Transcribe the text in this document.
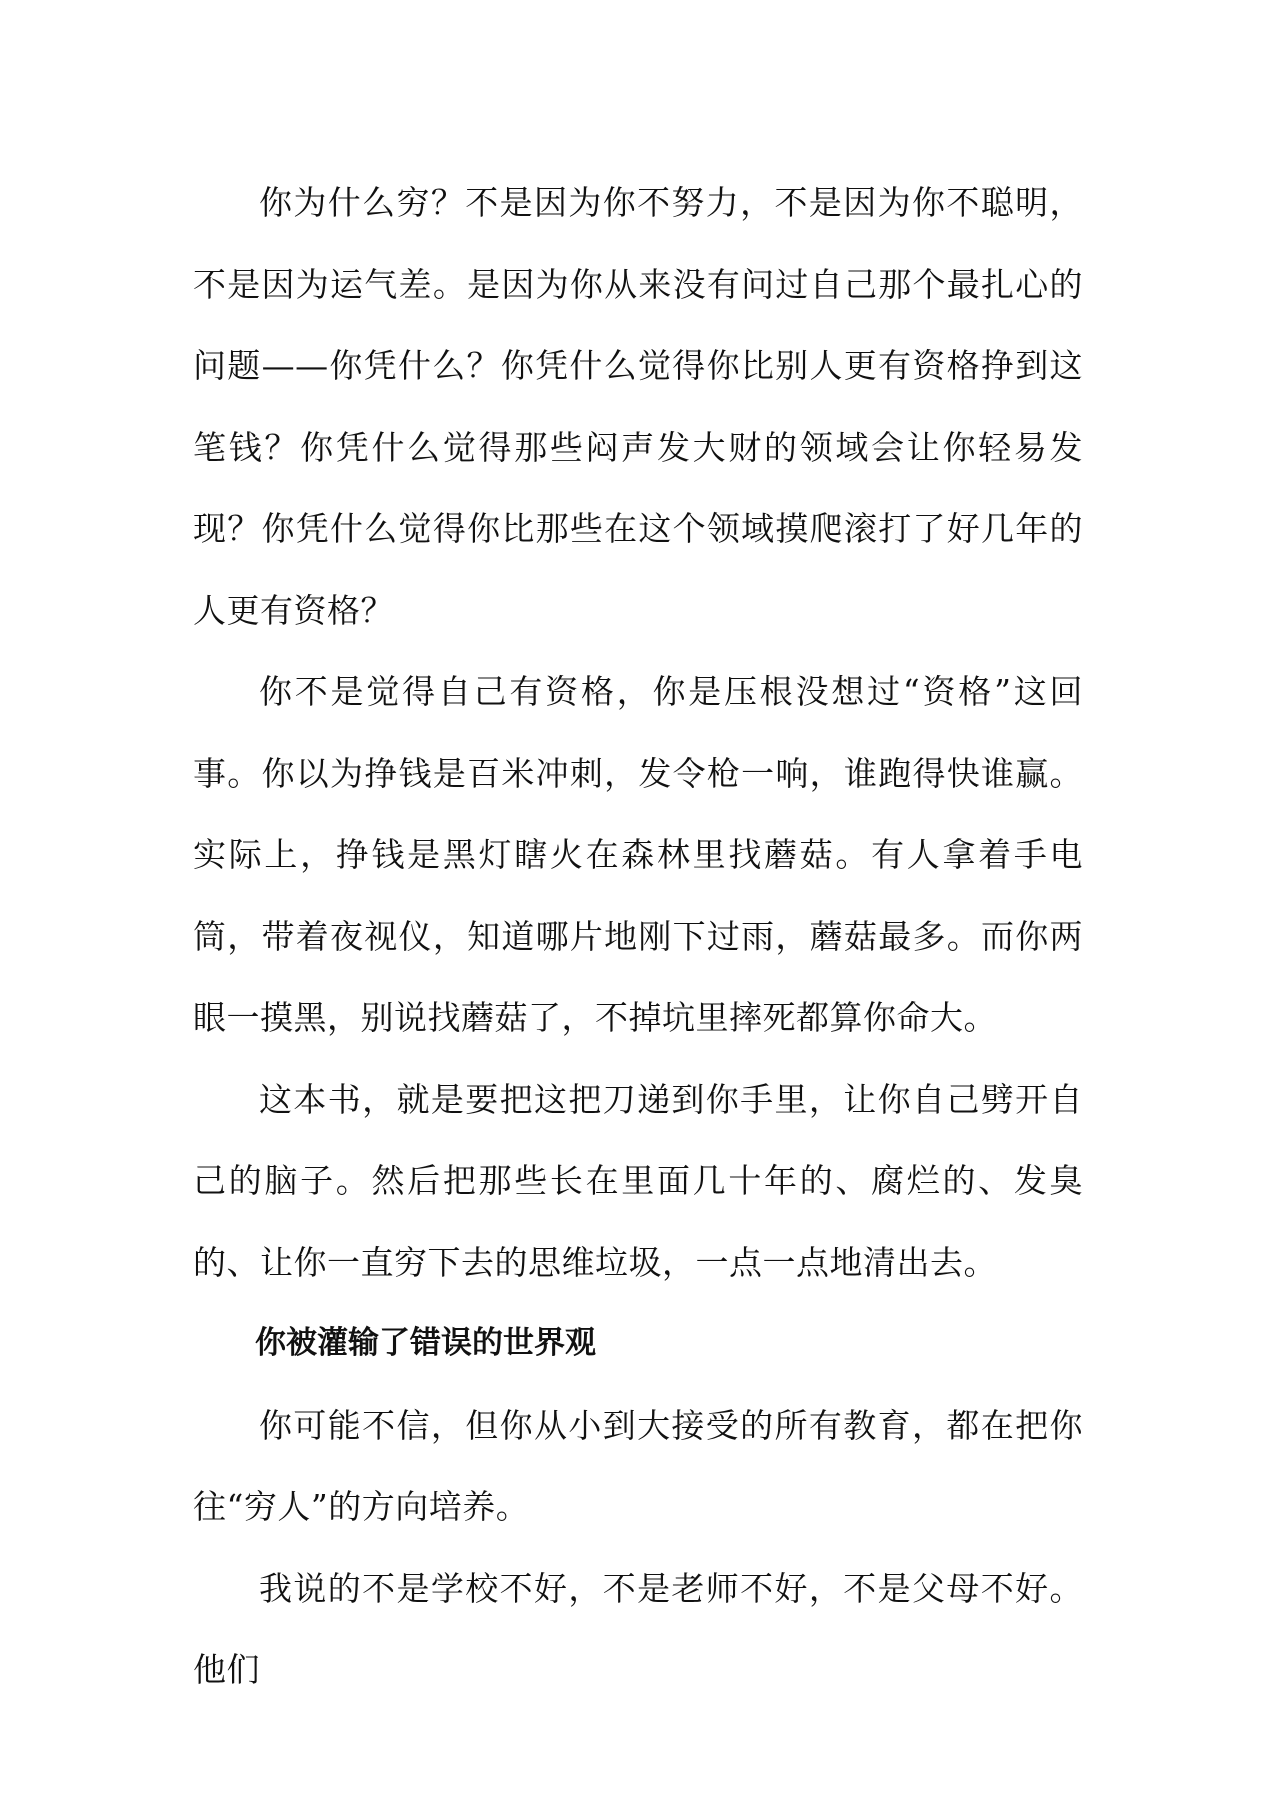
你为什么穷？不是因为你不努力，不是因为你不聪明，不是因为运气差。是因为你从来没有问过自己那个最扎心的问题——你凭什么？你凭什么觉得你比别人更有资格挣到这笔钱？你凭什么觉得那些闷声发大财的领域会让你轻易发现？你凭什么觉得你比那些在这个领域摸爬滚打了好几年的人更有资格？

你不是觉得自己有资格，你是压根没想过“资格”这回事。你以为挣钱是百米冲刺，发令枪一响，谁跑得快谁赢。实际上，挣钱是黑灯瞎火在森林里找蘑菇。有人拿着手电筒，带着夜视仪，知道哪片地刚下过雨，蘑菇最多。而你两眼一摸黑，别说找蘑菇了，不掉坑里摔死都算你命大。

这本书，就是要把这把刀递到你手里，让你自己劈开自己的脑子。然后把那些长在里面几十年的、腐烂的、发臭的、让你一直穷下去的思维垃圾，一点一点地清出去。

你被灌输了错误的世界观

你可能不信，但你从小到大接受的所有教育，都在把你往“穷人”的方向培养。

我说的不是学校不好，不是老师不好，不是父母不好。他们
